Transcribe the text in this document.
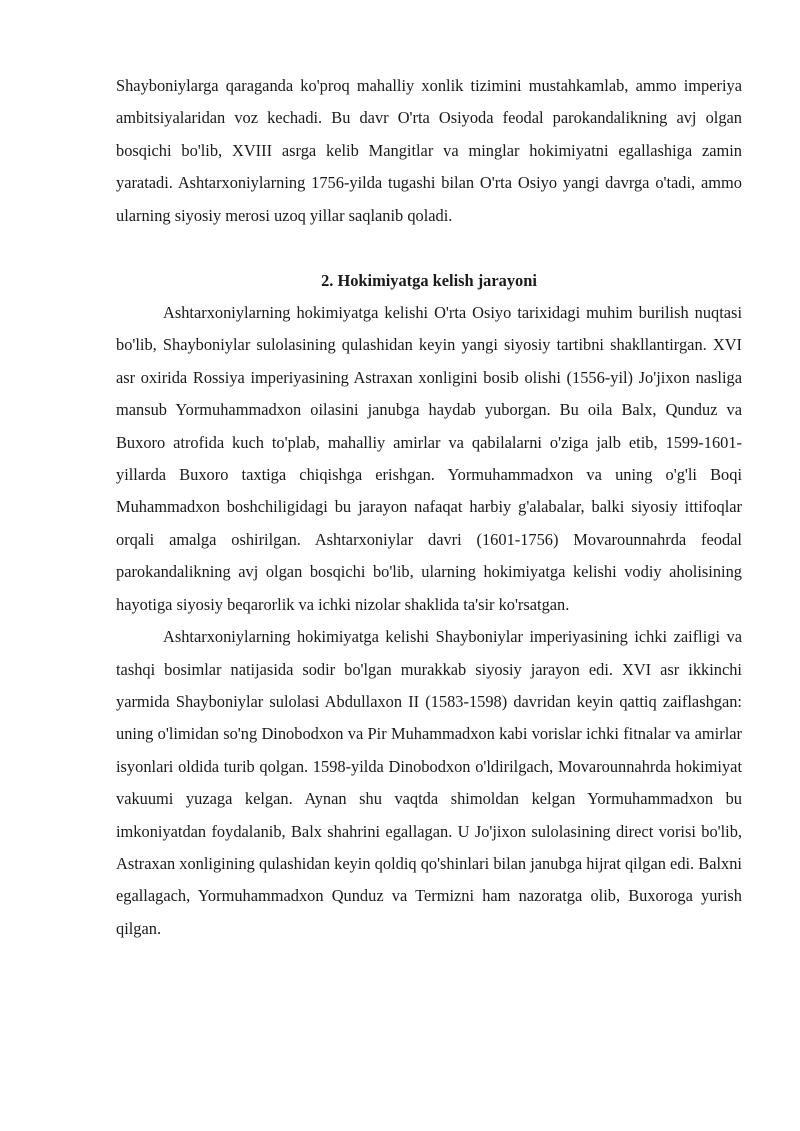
Shayboniylarga qaraganda ko'proq mahalliy xonlik tizimini mustahkamlab, ammo imperiya ambitsiyalaridan voz kechadi. Bu davr O'rta Osiyoda feodal parokandalikning avj olgan bosqichi bo'lib, XVIII asrga kelib Mangitlar va minglar hokimiyatni egallashiga zamin yaratadi. Ashtarxoniylarning 1756-yilda tugashi bilan O'rta Osiyo yangi davrga o'tadi, ammo ularning siyosiy merosi uzoq yillar saqlanib qoladi.

2. Hokimiyatga kelish jarayoni

Ashtarxoniylarning hokimiyatga kelishi O'rta Osiyo tarixidagi muhim burilish nuqtasi bo'lib, Shayboniylar sulolasining qulashidan keyin yangi siyosiy tartibni shakllantirgan. XVI asr oxirida Rossiya imperiyasining Astraxan xonligini bosib olishi (1556-yil) Jo'jixon nasliga mansub Yormuhammadxon oilasini janubga haydab yuborgan. Bu oila Balx, Qunduz va Buxoro atrofida kuch to'plab, mahalliy amirlar va qabilalarni o'ziga jalb etib, 1599-1601-yillarda Buxoro taxtiga chiqishga erishgan. Yormuhammadxon va uning o'g'li Boqi Muhammadxon boshchiligidagi bu jarayon nafaqat harbiy g'alabalar, balki siyosiy ittifoqlar orqali amalga oshirilgan. Ashtarxoniylar davri (1601-1756) Movarounnahrda feodal parokandalikning avj olgan bosqichi bo'lib, ularning hokimiyatga kelishi vodiy aholisining hayotiga siyosiy beqarorlik va ichki nizolar shaklida ta'sir ko'rsatgan.

Ashtarxoniylarning hokimiyatga kelishi Shayboniylar imperiyasining ichki zaifligi va tashqi bosimlar natijasida sodir bo'lgan murakkab siyosiy jarayon edi. XVI asr ikkinchi yarmida Shayboniylar sulolasi Abdullaxon II (1583-1598) davridan keyin qattiq zaiflashgan: uning o'limidan so'ng Dinobodxon va Pir Muhammadxon kabi vorislar ichki fitnalar va amirlar isyonlari oldida turib qolgan. 1598-yilda Dinobodxon o'ldirilgach, Movarounnahrda hokimiyat vakuumi yuzaga kelgan. Aynan shu vaqtda shimoldan kelgan Yormuhammadxon bu imkoniyatdan foydalanib, Balx shahrini egallagan. U Jo'jixon sulolasining direct vorisi bo'lib, Astraxan xonligining qulashidan keyin qoldiq qo'shinlari bilan janubga hijrat qilgan edi. Balxni egallagach, Yormuhammadxon Qunduz va Termizni ham nazoratga olib, Buxoroga yurish qilgan.
